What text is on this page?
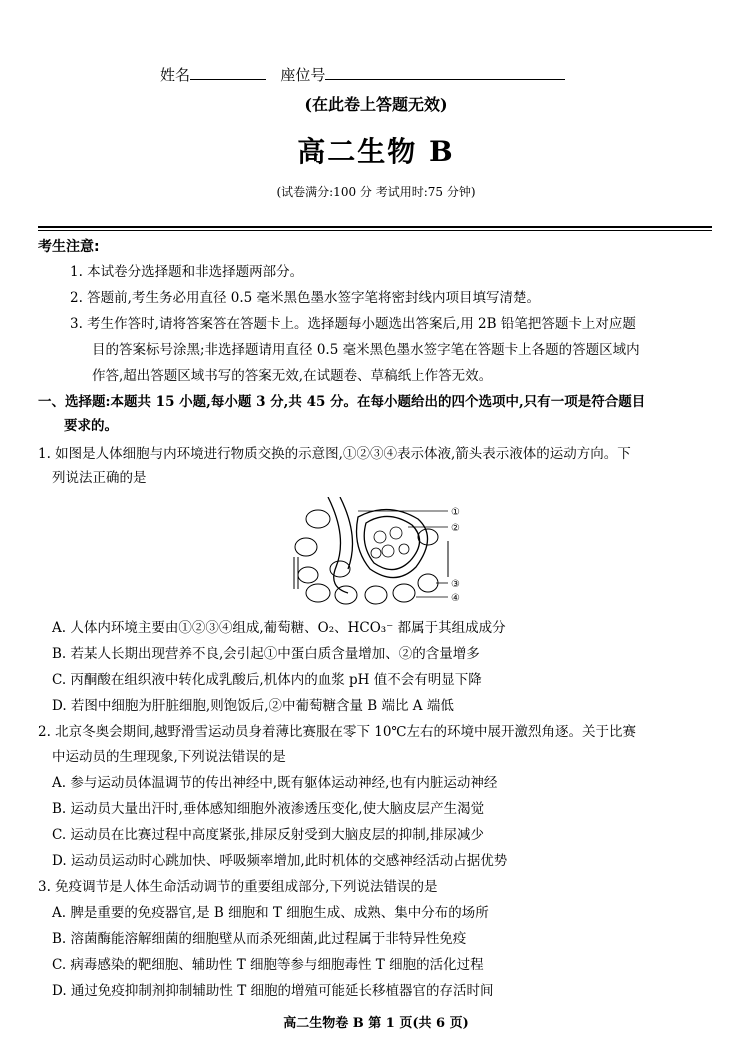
姓名	座位号
(在此卷上答题无效)
高二生物 B
(试卷满分:100 分 考试用时:75 分钟)
考生注意:
1. 本试卷分选择题和非选择题两部分。
2. 答题前,考生务必用直径 0.5 毫米黑色墨水签字笔将密封线内项目填写清楚。
3. 考生作答时,请将答案答在答题卡上。选择题每小题选出答案后,用 2B 铅笔把答题卡上对应题
目的答案标号涂黑;非选择题请用直径 0.5 毫米黑色墨水签字笔在答题卡上各题的答题区域内
作答,超出答题区域书写的答案无效,在试题卷、草稿纸上作答无效。
一、选择题:本题共 15 小题,每小题 3 分,共 45 分。在每小题给出的四个选项中,只有一项是符合题目
要求的。
1. 如图是人体细胞与内环境进行物质交换的示意图,①②③④表示体液,箭头表示液体的运动方向。下
列说法正确的是
①
②
③
④
A. 人体内环境主要由①②③④组成,葡萄糖、O₂、HCO₃⁻ 都属于其组成成分
B. 若某人长期出现营养不良,会引起①中蛋白质含量增加、②的含量增多
C. 丙酮酸在组织液中转化成乳酸后,机体内的血浆 pH 值不会有明显下降
D. 若图中细胞为肝脏细胞,则饱饭后,②中葡萄糖含量 B 端比 A 端低
2. 北京冬奥会期间,越野滑雪运动员身着薄比赛服在零下 10℃左右的环境中展开激烈角逐。关于比赛
中运动员的生理现象,下列说法错误的是
A. 参与运动员体温调节的传出神经中,既有躯体运动神经,也有内脏运动神经
B. 运动员大量出汗时,垂体感知细胞外液渗透压变化,使大脑皮层产生渴觉
C. 运动员在比赛过程中高度紧张,排尿反射受到大脑皮层的抑制,排尿减少
D. 运动员运动时心跳加快、呼吸频率增加,此时机体的交感神经活动占据优势
3. 免疫调节是人体生命活动调节的重要组成部分,下列说法错误的是
A. 脾是重要的免疫器官,是 B 细胞和 T 细胞生成、成熟、集中分布的场所
B. 溶菌酶能溶解细菌的细胞壁从而杀死细菌,此过程属于非特异性免疫
C. 病毒感染的靶细胞、辅助性 T 细胞等参与细胞毒性 T 细胞的活化过程
D. 通过免疫抑制剂抑制辅助性 T 细胞的增殖可能延长移植器官的存活时间
高二生物卷 B 第 1 页(共 6 页)
